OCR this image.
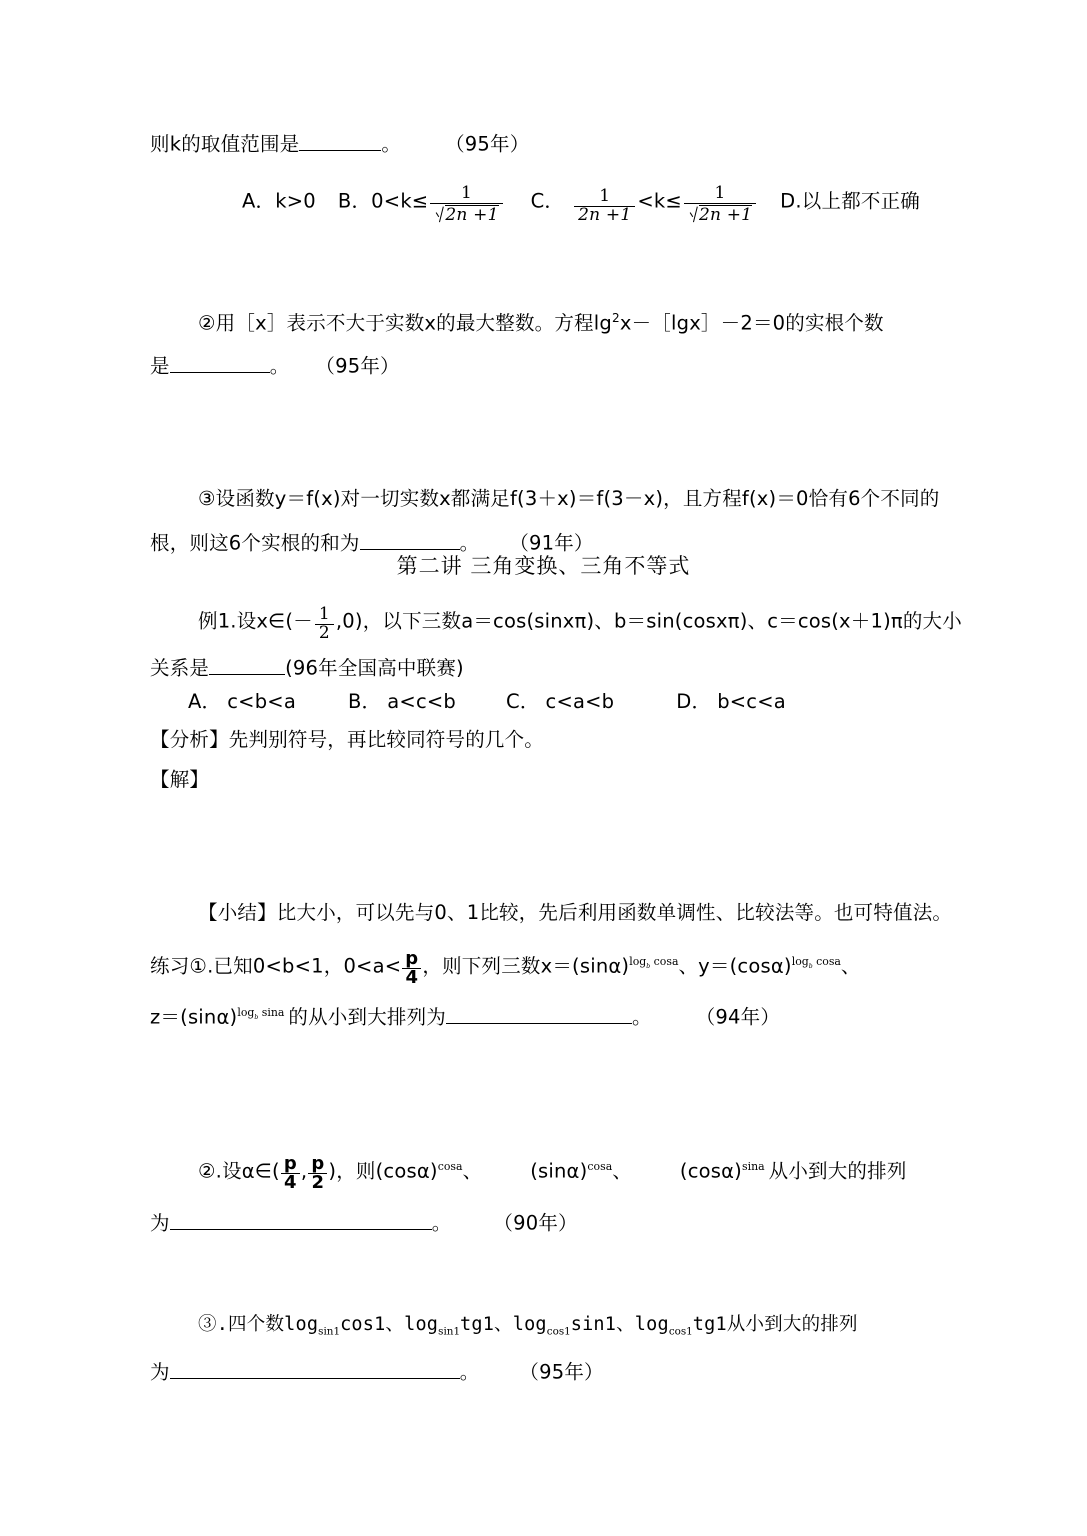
则k的取值范围是	。 （95年）
A．k>0 B．$0<k\le \frac{1}{2n +1}$ C． $\frac{1}{2n +1} <k\le \frac{1}{2n +1} D$.以上都不正确
②用［x］表示不大于实数x的最大整数。方程$\lg^2x-[\lg x]-2=0$的实根个数
是	。 （95年）
③设函数y＝f(x)对一切实数x都满足f(3＋x)＝f(3－x)，且方程f(x)＝0恰有6个不同的
根，则这6个实根的和为	。 （91年）
第二讲 三角变换、三角不等式
例1.设x∈(－ $\frac{1}{2} ,0$)，以下三数a＝cos(sinxπ)、b＝sin(cosxπ)、c＝cos(x＋1)π的大小
关系是	(96年全国高中联赛)
A． c<b<a	B． a<c<b	C． c<a<b	D． b<c<a
【分析】先判别符号，再比较同符号的几个。
【解】
【小结】比大小，可以先与0、1比较，先后利用函数单调性、比较法等。也可特值法。
练习①.已知0<b<1，$0<a< \frac{p}{4}$ ，则下列三数$x=(\sin\alpha)^{log_b cosa}$、$y=(\cos\alpha)^{log_b cosa}$、
$z=(\sin\alpha)^{log_b sina}$ 的从小到大排列为	。 （94年）
②.设α∈( $\frac{p}{4}$ , $\frac{p}{2}$ )，则$(\cos\alpha)^{cosa}$、 $(\sin\alpha)^{cosa}$、 $(\cos\alpha)^{sina}$ 从小到大的排列
为	。 （90年）
③.四个数$\log_{sin1}\cos 1$、$\log_{sin1}tg1$、$\log_{cos1}\sin 1$、$\log_{cos1}tg1$从小到大的排列
为	。 （95年）
